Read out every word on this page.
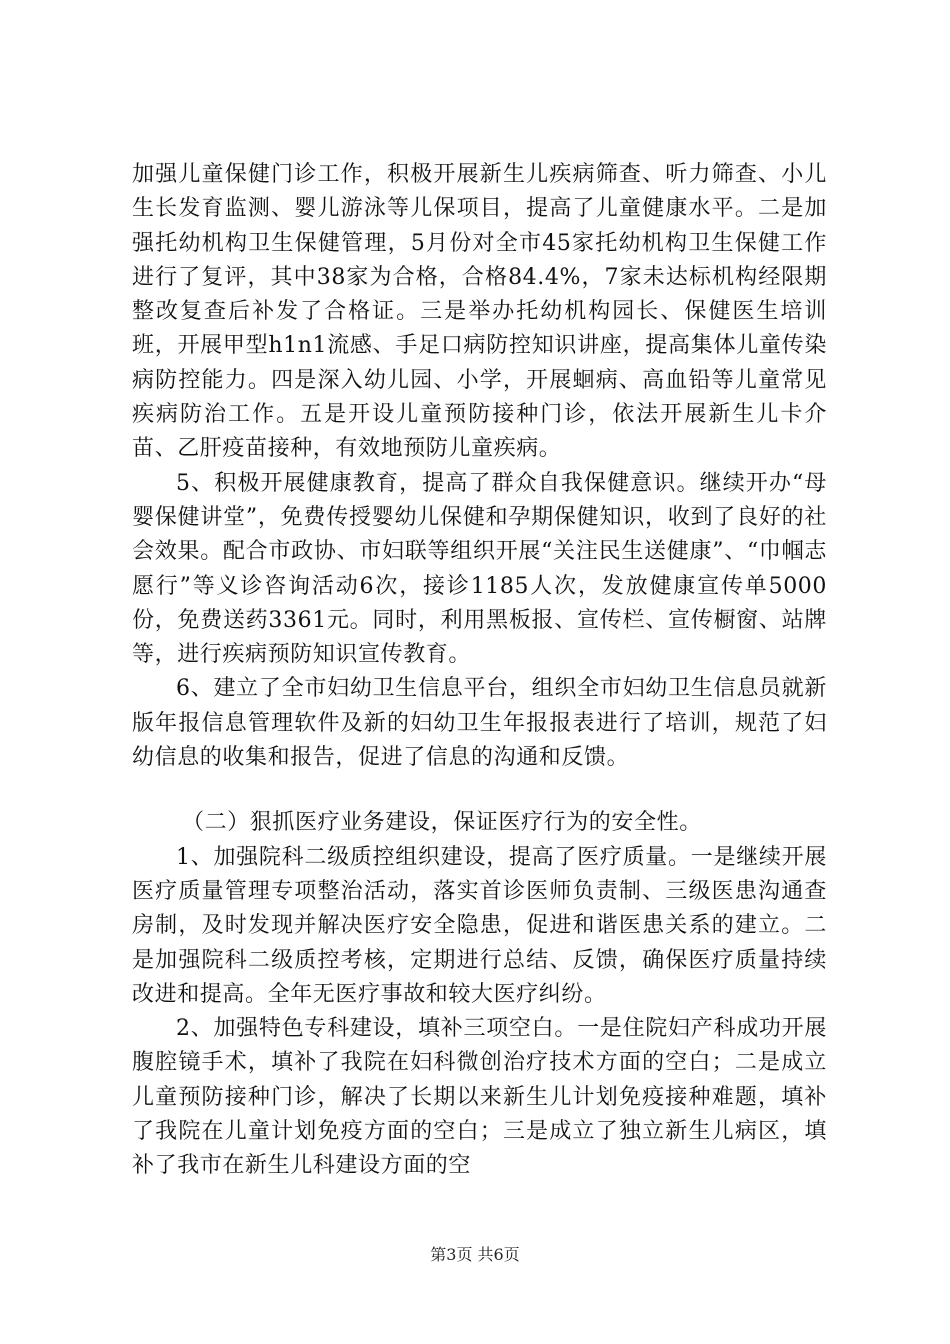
加强儿童保健门诊工作，积极开展新生儿疾病筛查、听力筛查、小儿生长发育监测、婴儿游泳等儿保项目，提高了儿童健康水平。二是加强托幼机构卫生保健管理，5月份对全市45家托幼机构卫生保健工作进行了复评，其中38家为合格，合格84.4%，7家未达标机构经限期整改复查后补发了合格证。三是举办托幼机构园长、保健医生培训班，开展甲型h1n1流感、手足口病防控知识讲座，提高集体儿童传染病防控能力。四是深入幼儿园、小学，开展蛔病、高血铅等儿童常见疾病防治工作。五是开设儿童预防接种门诊，依法开展新生儿卡介苗、乙肝疫苗接种，有效地预防儿童疾病。

5、积极开展健康教育，提高了群众自我保健意识。继续开办“母婴保健讲堂”，免费传授婴幼儿保健和孕期保健知识，收到了良好的社会效果。配合市政协、市妇联等组织开展“关注民生送健康”、“巾帼志愿行”等义诊咨询活动6次，接诊1185人次，发放健康宣传单5000份，免费送药3361元。同时，利用黑板报、宣传栏、宣传橱窗、站牌等，进行疾病预防知识宣传教育。

6、建立了全市妇幼卫生信息平台，组织全市妇幼卫生信息员就新版年报信息管理软件及新的妇幼卫生年报报表进行了培训，规范了妇幼信息的收集和报告，促进了信息的沟通和反馈。

（二）狠抓医疗业务建设，保证医疗行为的安全性。

1、加强院科二级质控组织建设，提高了医疗质量。一是继续开展医疗质量管理专项整治活动，落实首诊医师负责制、三级医患沟通查房制，及时发现并解决医疗安全隐患，促进和谐医患关系的建立。二是加强院科二级质控考核，定期进行总结、反馈，确保医疗质量持续改进和提高。全年无医疗事故和较大医疗纠纷。

2、加强特色专科建设，填补三项空白。一是住院妇产科成功开展腹腔镜手术，填补了我院在妇科微创治疗技术方面的空白；二是成立儿童预防接种门诊，解决了长期以来新生儿计划免疫接种难题，填补了我院在儿童计划免疫方面的空白；三是成立了独立新生儿病区，填补了我市在新生儿科建设方面的空

第3页 共6页
